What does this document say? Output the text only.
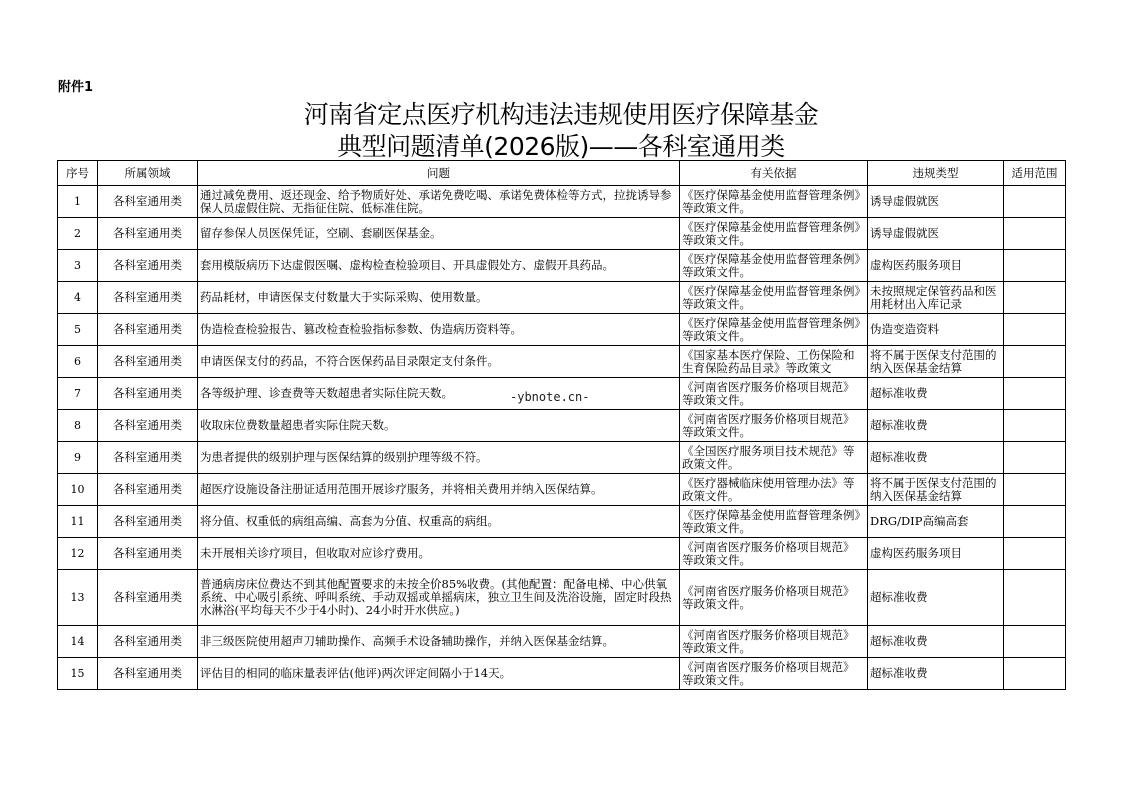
附件1
河南省定点医疗机构违法违规使用医疗保障基金
典型问题清单(2026版)——各科室通用类
序号	所属领域	问题	有关依据	违规类型	适用范围
1	各科室通用类	通过减免费用、返还现金、给予物质好处、承诺免费吃喝、承诺免费体检等方式，拉拢诱导参保人员虚假住院、无指征住院、低标准住院。	《医疗保障基金使用监督管理条例》等政策文件。	诱导虚假就医	
2	各科室通用类	留存参保人员医保凭证，空刷、套刷医保基金。	《医疗保障基金使用监督管理条例》等政策文件。	诱导虚假就医	
3	各科室通用类	套用模版病历下达虚假医嘱、虚构检查检验项目、开具虚假处方、虚假开具药品。	《医疗保障基金使用监督管理条例》等政策文件。	虚构医药服务项目	
4	各科室通用类	药品耗材，申请医保支付数量大于实际采购、使用数量。	《医疗保障基金使用监督管理条例》等政策文件。	未按照规定保管药品和医用耗材出入库记录	
5	各科室通用类	伪造检查检验报告、篡改检查检验指标参数、伪造病历资料等。	《医疗保障基金使用监督管理条例》等政策文件。	伪造变造资料	
6	各科室通用类	申请医保支付的药品，不符合医保药品目录限定支付条件。	《国家基本医疗保险、工伤保险和生育保险药品目录》等政策文	将不属于医保支付范围的纳入医保基金结算	
7	各科室通用类	各等级护理、诊查费等天数超患者实际住院天数。	《河南省医疗服务价格项目规范》等政策文件。	超标准收费	
8	各科室通用类	收取床位费数量超患者实际住院天数。	《河南省医疗服务价格项目规范》等政策文件。	超标准收费	
9	各科室通用类	为患者提供的级别护理与医保结算的级别护理等级不符。	《全国医疗服务项目技术规范》等政策文件。	超标准收费	
10	各科室通用类	超医疗设施设备注册证适用范围开展诊疗服务，并将相关费用并纳入医保结算。	《医疗器械临床使用管理办法》等政策文件。	将不属于医保支付范围的纳入医保基金结算	
11	各科室通用类	将分值、权重低的病组高编、高套为分值、权重高的病组。	《医疗保障基金使用监督管理条例》等政策文件。	DRG/DIP高编高套	
12	各科室通用类	未开展相关诊疗项目，但收取对应诊疗费用。	《河南省医疗服务价格项目规范》等政策文件。	虚构医药服务项目	
13	各科室通用类	普通病房床位费达不到其他配置要求的未按全价85%收费。(其他配置：配备电梯、中心供氧系统、中心吸引系统、呼叫系统、手动双摇或单摇病床，独立卫生间及洗浴设施，固定时段热水淋浴(平均每天不少于4小时)、24小时开水供应。)	《河南省医疗服务价格项目规范》等政策文件。	超标准收费	
14	各科室通用类	非三级医院使用超声刀辅助操作、高频手术设备辅助操作，并纳入医保基金结算。	《河南省医疗服务价格项目规范》等政策文件。	超标准收费	
15	各科室通用类	评估目的相同的临床量表评估(他评)两次评定间隔小于14天。	《河南省医疗服务价格项目规范》等政策文件。	超标准收费	
-ybnote.cn-
